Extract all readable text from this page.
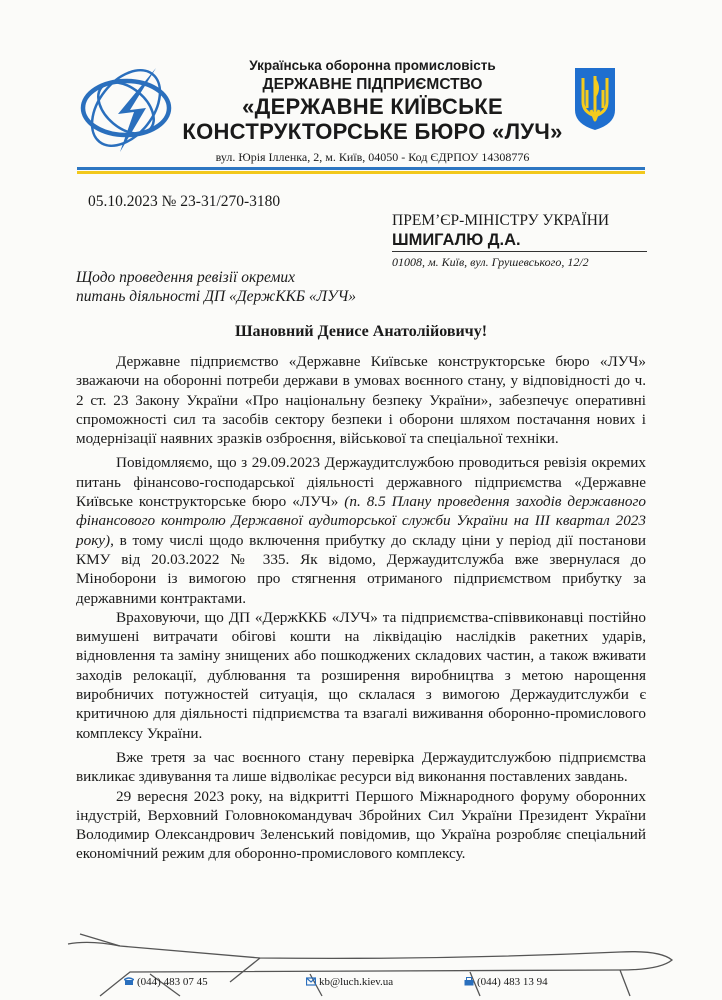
Українська оборонна промисловість
ДЕРЖАВНЕ ПІДПРИЄМСТВО
«ДЕРЖАВНЕ КИЇВСЬКЕ
КОНСТРУКТОРСЬКЕ БЮРО «ЛУЧ»
вул. Юрія Ілленка, 2, м. Київ, 04050 - Код ЄДРПОУ 14308776
05.10.2023 № 23-31/270-3180
ПРЕМ’ЄР-МІНІСТРУ УКРАЇНИ
ШМИГАЛЮ Д.А.
01008, м. Київ, вул. Грушевського, 12/2
Щодо проведення ревізії окремих
питань діяльності ДП «ДержККБ «ЛУЧ»
Шановний Денисе Анатолійовичу!

Державне підприємство «Державне Київське конструкторське бюро «ЛУЧ» зважаючи на оборонні потреби держави в умовах воєнного стану, у відповідності до ч. 2 ст. 23 Закону України «Про національну безпеку України», забезпечує оперативні спроможності сил та засобів сектору безпеки і оборони шляхом постачання нових і модернізації наявних зразків озброєння, військової та спеціальної техніки.

Повідомляємо, що з 29.09.2023 Держаудитслужбою проводиться ревізія окремих питань фінансово-господарської діяльності державного підприємства «Державне Київське конструкторське бюро «ЛУЧ» (п. 8.5 Плану проведення заходів державного фінансового контролю Державної аудиторської служби України на III квартал 2023 року), в тому числі щодо включення прибутку до складу ціни у період дії постанови КМУ від 20.03.2022 № 335. Як відомо, Держаудитслужба вже звернулася до Міноборони із вимогою про стягнення отриманого підприємством прибутку за державними контрактами.

Враховуючи, що ДП «ДержККБ «ЛУЧ» та підприємства-співвиконавці постійно вимушені витрачати обігові кошти на ліквідацію наслідків ракетних ударів, відновлення та заміну знищених або пошкоджених складових частин, а також вживати заходів релокації, дублювання та розширення виробництва з метою нарощення виробничих потужностей ситуація, що склалася з вимогою Держаудитслужби є критичною для діяльності підприємства та взагалі виживання оборонно-промислового комплексу України.

Вже третя за час воєнного стану перевірка Держаудитслужбою підприємства викликає здивування та лише відволікає ресурси від виконання поставлених завдань.

29 вересня 2023 року, на відкритті Першого Міжнародного форуму оборонних індустрій, Верховний Головнокомандувач Збройних Сил України Президент України Володимир Олександрович Зеленський повідомив, що Україна розробляє спеціальний економічний режим для оборонно-промислового комплексу.

(044) 483 07 45	kb@luch.kiev.ua	(044) 483 13 94
